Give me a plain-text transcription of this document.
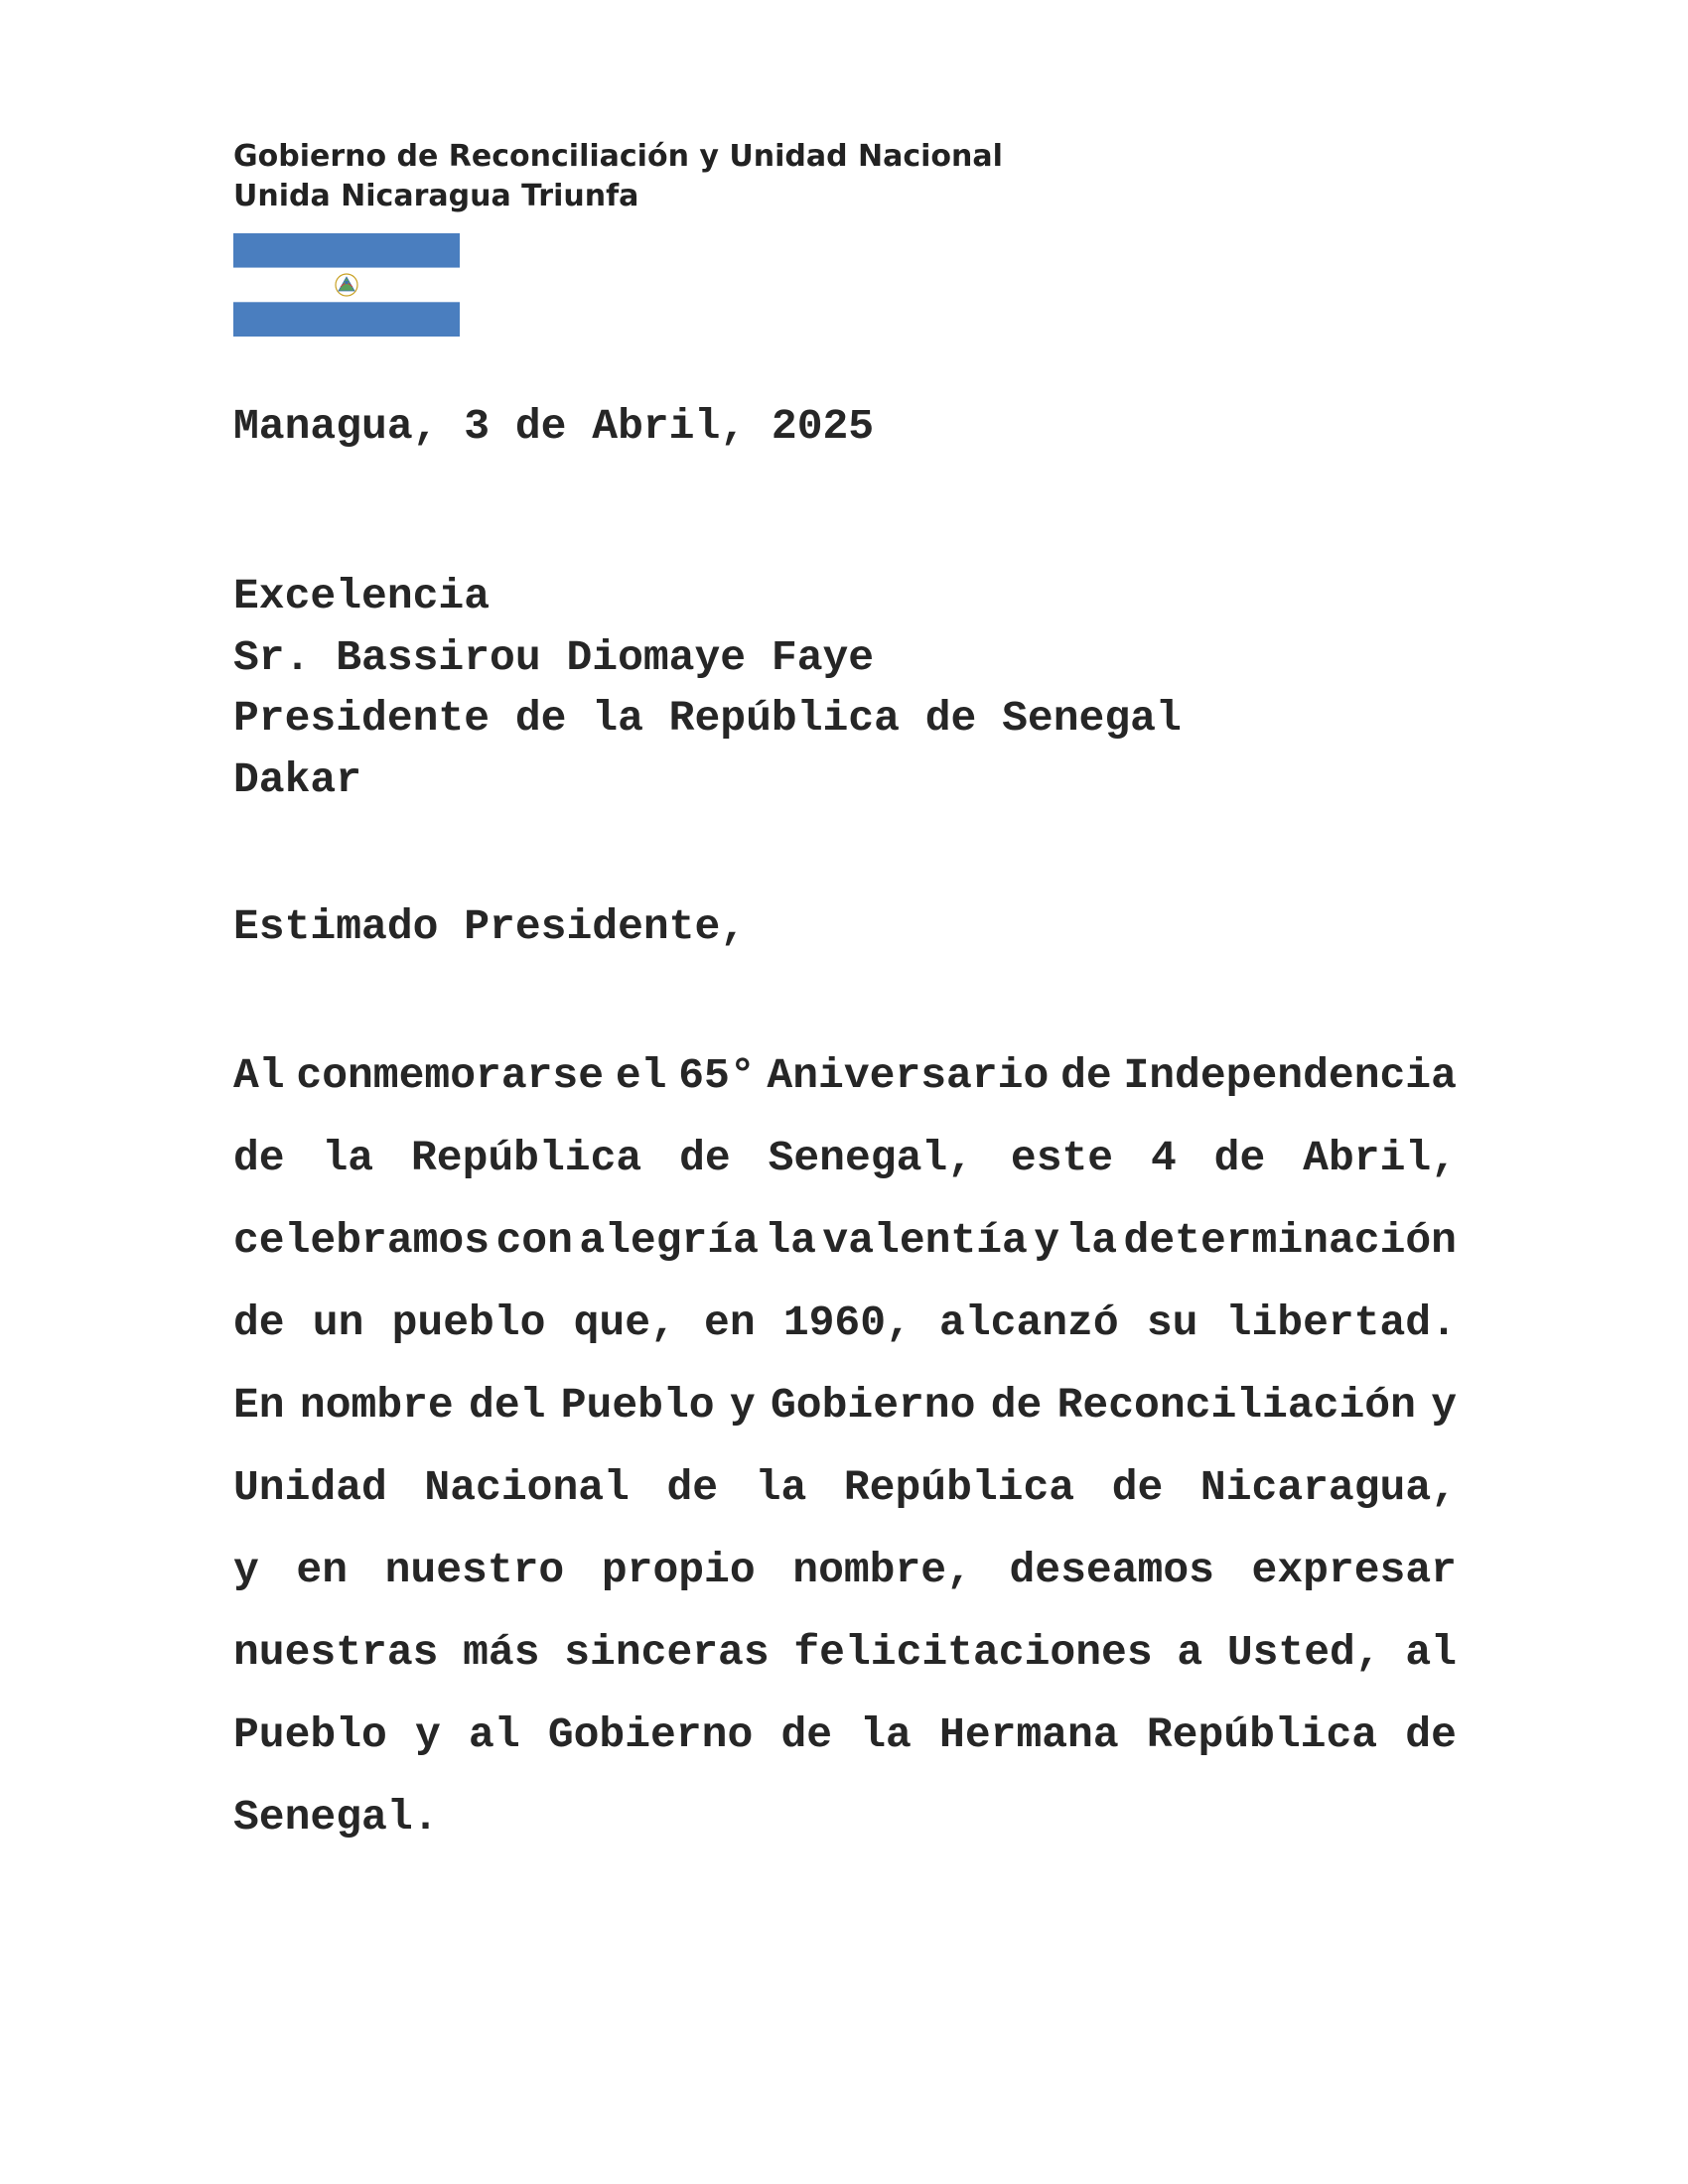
Gobierno de Reconciliación y Unidad Nacional
Unida Nicaragua Triunfa
Managua, 3 de Abril, 2025
Excelencia
Sr. Bassirou Diomaye Faye
Presidente de la República de Senegal
Dakar
Estimado Presidente,
Al conmemorarse el 65° Aniversario de Independencia
de la República de Senegal, este 4 de Abril,
celebramos con alegría la valentía y la determinación
de un pueblo que, en 1960, alcanzó su libertad.
En nombre del Pueblo y Gobierno de Reconciliación y
Unidad Nacional de la República de Nicaragua,
y en nuestro propio nombre, deseamos expresar
nuestras más sinceras felicitaciones a Usted, al
Pueblo y al Gobierno de la Hermana República de
Senegal.
